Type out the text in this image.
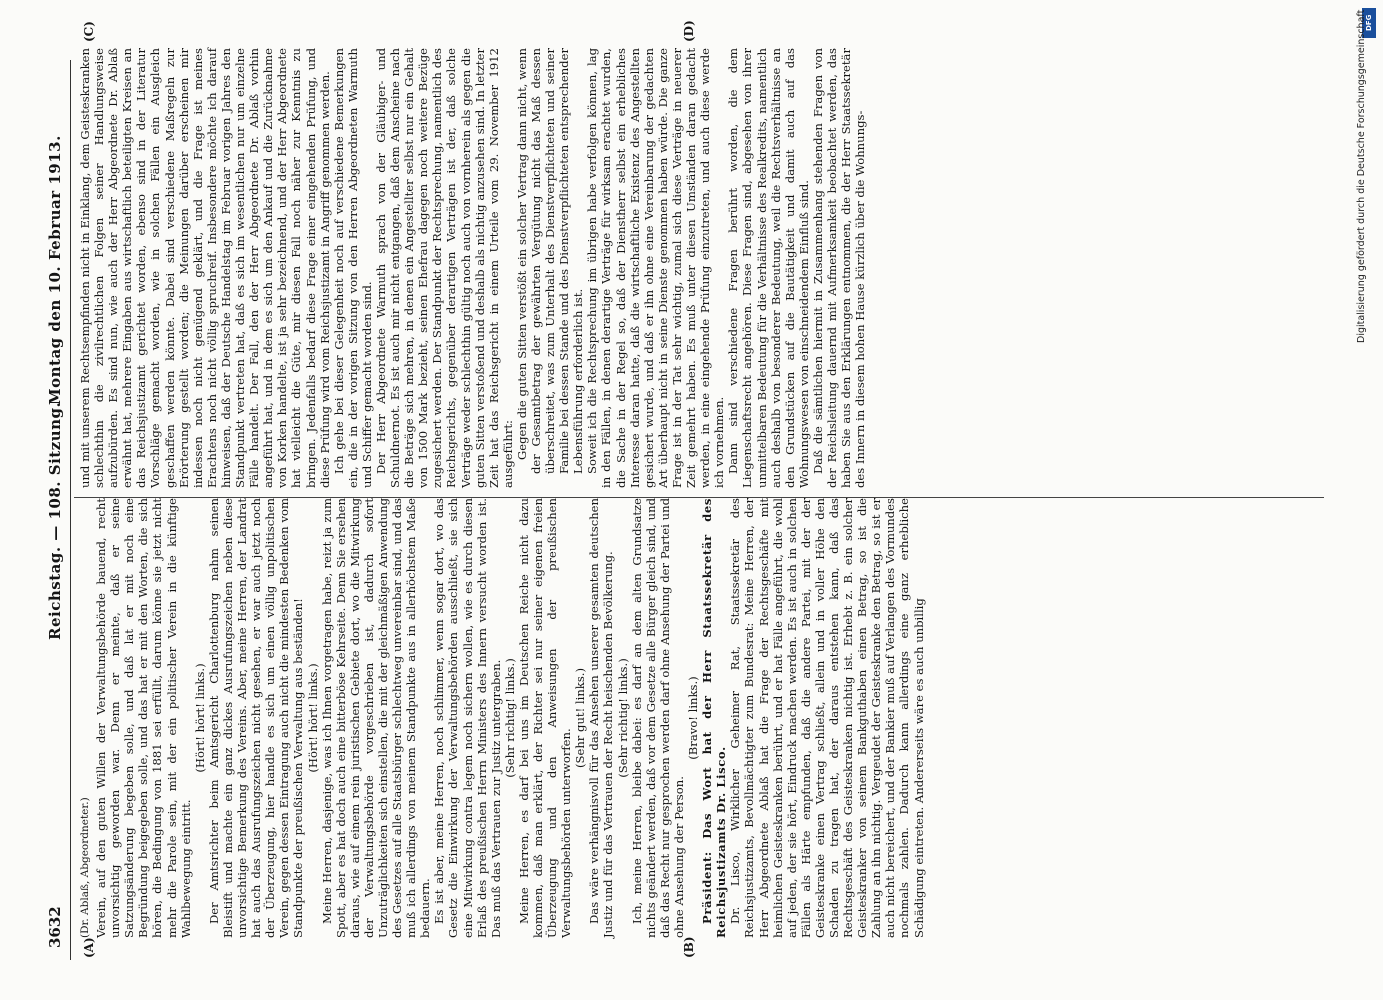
3632
Reichstag. — 108. Sitzung.
Montag den 10. Februar 1913.
(A)	(B)
(C)	(D)

(Dr. Ablaß, Abgeordneter.) Verein, auf den guten Willen der Verwaltungsbehörde bauend, recht unvorsichtig geworden war. Denn er meinte, daß er seine Satzungsänderung begeben solle, und daß lat er mit noch eine Begründung beigegeben solle, und das hat er mit den Worten, die sich hören, die Bedingung von 1881 sei erfüllt, darum könne sie jetzt nicht mehr die Parole sein, mit der ein politischer Verein in die künftige Wahlbewegung eintritt.

(Hört! hört! links.) Der Amtsrichter beim Amtsgericht Charlottenburg nahm seinen Bleistift und machte ein ganz dickes Ausrufungszeichen neben diese unvorsichtige Bemerkung des Vereins. Aber, meine Herren, der Landrat hat auch das Ausrufungszeichen nicht gesehen, er war auch jetzt noch der Überzeugung, hier handle es sich um einen völlig unpolitischen Verein, gegen dessen Eintragung auch nicht die mindesten Bedenken vom Standpunkte der preußischen Verwaltung aus beständen! (Hört! hört! links.) Meine Herren, dasjenige, was ich Ihnen vorgetragen habe, reizt ja zum Spott, aber es hat doch auch eine bitterböse Kehrseite. Denn Sie ersehen daraus, wie auf einem rein juristischen Gebiete dort, wo die Mitwirkung der Verwaltungsbehörde vorgeschrieben ist, dadurch sofort Unzuträglichkeiten sich einstellen, die mit der gleichmäßigen Anwendung des Gesetzes auf alle Staatsbürger schlechtweg unvereinbar sind, und das muß ich allerdings von meinem Standpunkte aus in allerhöchstem Maße bedauern. Es ist aber, meine Herren, noch schlimmer, wenn sogar dort, wo das Gesetz die Einwirkung der Verwaltungsbehörden ausschließt, sie sich eine Mitwirkung contra legem noch sichern wollen, wie es durch diesen Erlaß des preußischen Herrn Ministers des Innern versucht worden ist. Das muß das Vertrauen zur Justiz untergraben. (Sehr richtig! links.) Meine Herren, es darf bei uns im Deutschen Reiche nicht dazu kommen, daß man erklärt, der Richter sei nur seiner eigenen freien Überzeugung und den Anweisungen der preußischen Verwaltungsbehörden unterworfen.

(Sehr gut! links.) Das wäre verhängnisvoll für das Ansehen unserer gesamten deutschen Justiz und für das Vertrauen der Recht heischenden Bevölkerung. (Sehr richtig! links.) Ich, meine Herren, bleibe dabei: es darf an dem alten Grundsatze nichts geändert werden, daß vor dem Gesetze alle Bürger gleich sind, und daß das Recht nur gesprochen werden darf ohne Ansehung der Partei und ohne Ansehung der Person.

(Bravo! links.) Präsident: Das Wort hat der Herr Staatssekretär des Reichsjustizamts Dr. Lisco. Dr. Lisco, Wirklicher Geheimer Rat, Staatssekretär des Reichsjustizamts, Bevollmächtigter zum Bundesrat: Meine Herren, der Herr Abgeordnete Ablaß hat die Frage der Rechtsgeschäfte mit heimlichen Geisteskranken berührt, und er hat Fälle angeführt, die wohl auf jeden, der sie hört, Eindruck machen werden. Es ist auch in solchen Fällen als Härte empfunden, daß die andere Partei, mit der der Geisteskranke einen Vertrag schließt, allein und in voller Höhe den Schaden zu tragen hat, der daraus entstehen kann, daß das Rechtsgeschäft des Geisteskranken nichtig ist. Erhebt z. B. ein solcher Geisteskranker von seinem Bankguthaben einen Betrag, so ist die Zahlung an ihn nichtig. Vergeudet der Geisteskranke den Betrag, so ist er auch nicht bereichert, und der Bankier muß auf Verlangen des Vormundes nochmals zahlen. Dadurch kann allerdings eine ganz erhebliche Schädigung eintreten. Andererseits wäre es auch unbillig

und mit unserem Rechtsempfinden nicht in Einklang, dem Geisteskranken schlechthin die zivilrechtlichen Folgen seiner Handlungsweise aufzubürden. Es sind nun, wie auch der Herr Abgeordnete Dr. Ablaß erwähnt hat, mehrere Eingaben aus wirtschaftlich beteiligten Kreisen an das Reichsjustizamt gerichtet worden, ebenso sind in der Literatur Vorschläge gemacht worden, wie in solchen Fällen ein Ausgleich geschaffen werden könnte. Dabei sind verschiedene Maßregeln zur Erörterung gestellt worden; die Meinungen darüber erscheinen mir indessen noch nicht genügend geklärt, und die Frage ist meines Erachtens noch nicht völlig spruchreif. Insbesondere möchte ich darauf hinweisen, daß der Deutsche Handelstag im Februar vorigen Jahres den Standpunkt vertreten hat, daß es sich im wesentlichen nur um einzelne Fälle handelt. Der Fall, den der Herr Abgeordnete Dr. Ablaß vorhin angeführt hat, und in dem es sich um den Ankauf und die Zurücknahme von Korken handelte, ist ja sehr bezeichnend, und der Herr Abgeordnete hat vielleicht die Güte, mir diesen Fall noch näher zur Kenntnis zu bringen. Jedenfalls bedarf diese Frage einer eingehenden Prüfung, und diese Prüfung wird vom Reichsjustizamt in Angriff genommen werden. Ich gehe bei dieser Gelegenheit noch auf verschiedene Bemerkungen ein, die in der vorigen Sitzung von den Herren Abgeordneten Warmuth und Schiffer gemacht worden sind. Der Herr Abgeordnete Warmuth sprach von der Gläubiger- und Schuldnernot. Es ist auch mir nicht entgangen, daß dem Anscheine nach die Beträge sich mehren, in denen ein Angestellter selbst nur ein Gehalt von 1500 Mark bezieht, seinen Ehefrau dagegen noch weitere Bezüge zugesichert werden. Der Standpunkt der Rechtsprechung, namentlich des Reichsgerichts, gegenüber derartigen Verträgen ist der, daß solche Verträge weder schlechthin gültig noch auch von vornherein als gegen die guten Sitten verstoßend und deshalb als nichtig anzusehen sind. In letzter Zeit hat das Reichsgericht in einem Urteile vom 29. November 1912 ausgeführt: Gegen die guten Sitten verstößt ein solcher Vertrag dann nicht, wenn der Gesamtbetrag der gewährten Vergütung nicht das Maß dessen überschreitet, was zum Unterhalt des Dienstverpflichteten und seiner Familie bei dessen Stande und des Dienstverpflichteten entsprechender Lebensführung erforderlich ist. Soweit ich die Rechtsprechung im übrigen habe verfolgen können, lag in den Fällen, in denen derartige Verträge für wirksam erachtet wurden, die Sache in der Regel so, daß der Dienstherr selbst ein erhebliches Interesse daran hatte, daß die wirtschaftliche Existenz des Angestellten gesichert wurde, und daß er ihn ohne eine Vereinbarung der gedachten Art überhaupt nicht in seine Dienste genommen haben würde. Die ganze Frage ist in der Tat sehr wichtig, zumal sich diese Verträge in neuerer Zeit gemehrt haben. Es muß unter diesen Umständen daran gedacht werden, in eine eingehende Prüfung einzutreten, und auch diese werde ich vornehmen. Dann sind verschiedene Fragen berührt worden, die dem Liegenschaftsrecht angehören. Diese Fragen sind, abgesehen von ihrer unmittelbaren Bedeutung für die Verhältnisse des Realkredits, namentlich auch deshalb von besonderer Bedeutung, weil die Rechtsverhältnisse an den Grundstücken auf die Bautätigkeit und damit auch auf das Wohnungswesen von einschneidendem Einfluß sind. Daß die sämtlichen hiermit in Zusammenhang stehenden Fragen von der Reichsleitung dauernd mit Aufmerksamkeit beobachtet werden, das haben Sie aus den Erklärungen entnommen, die der Herr Staatssekretär des Innern in diesem hohen Hause kürzlich über die Wohnungs-

DFG
Digitalisierung gefördert durch die Deutsche Forschungsgemeinschaft
